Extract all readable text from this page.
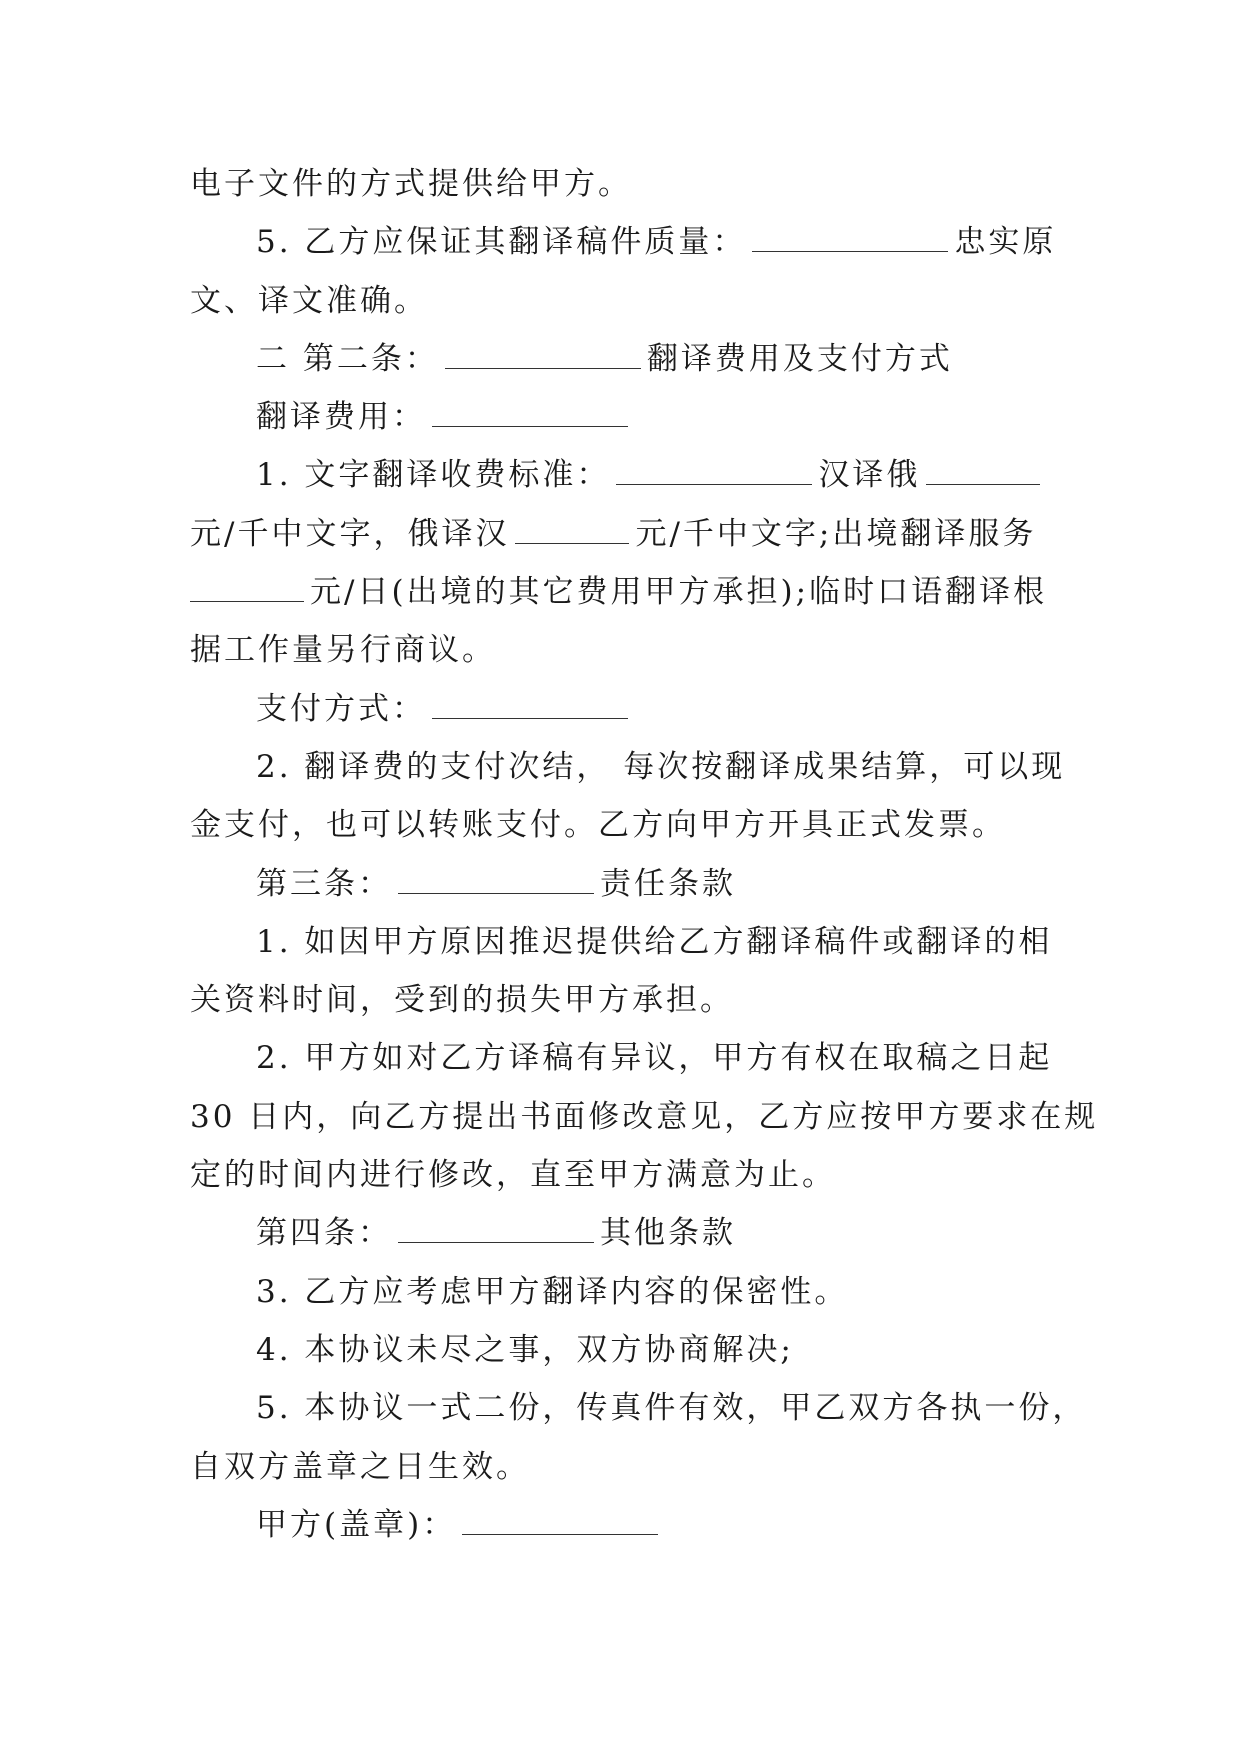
电子文件的方式提供给甲方。

5. 乙方应保证其翻译稿件质量：	忠实原

文、译文准确。

二 第二条：	翻译费用及支付方式

翻译费用：

1. 文字翻译收费标准：	汉译俄

元/千中文字，俄译汉	元/千中文字;出境翻译服务

元/日(出境的其它费用甲方承担);临时口语翻译根

据工作量另行商议。

支付方式：

2. 翻译费的支付次结， 每次按翻译成果结算，可以现

金支付，也可以转账支付。乙方向甲方开具正式发票。

第三条：	责任条款

1. 如因甲方原因推迟提供给乙方翻译稿件或翻译的相

关资料时间，受到的损失甲方承担。

2. 甲方如对乙方译稿有异议，甲方有权在取稿之日起

30 日内，向乙方提出书面修改意见，乙方应按甲方要求在规

定的时间内进行修改，直至甲方满意为止。

第四条：	其他条款

3. 乙方应考虑甲方翻译内容的保密性。

4. 本协议未尽之事，双方协商解决;

5. 本协议一式二份，传真件有效，甲乙双方各执一份，

自双方盖章之日生效。

甲方(盖章)：
